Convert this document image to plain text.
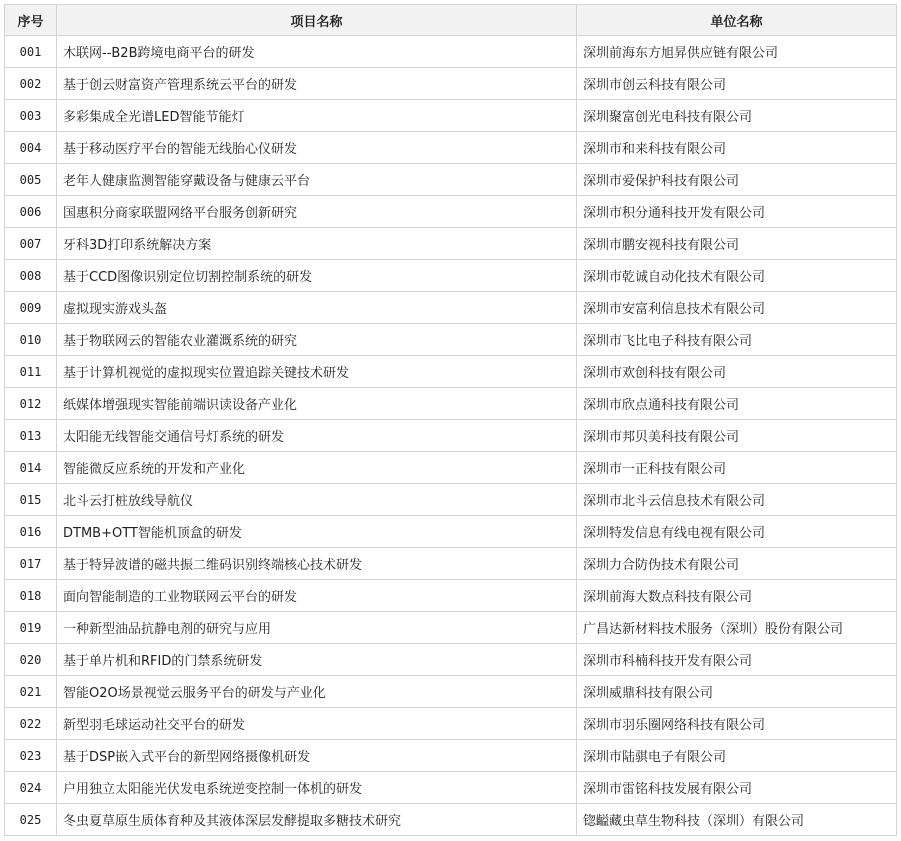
序号	项目名称	单位名称
001	木联网--B2B跨境电商平台的研发	深圳前海东方旭昇供应链有限公司
002	基于创云财富资产管理系统云平台的研发	深圳市创云科技有限公司
003	多彩集成全光谱LED智能节能灯	深圳聚富创光电科技有限公司
004	基于移动医疗平台的智能无线胎心仪研发	深圳市和来科技有限公司
005	老年人健康监测智能穿戴设备与健康云平台	深圳市爱保护科技有限公司
006	国惠积分商家联盟网络平台服务创新研究	深圳市积分通科技开发有限公司
007	牙科3D打印系统解决方案	深圳市鹏安视科技有限公司
008	基于CCD图像识别定位切割控制系统的研发	深圳市乾诚自动化技术有限公司
009	虚拟现实游戏头盔	深圳市安富利信息技术有限公司
010	基于物联网云的智能农业灌溉系统的研究	深圳市飞比电子科技有限公司
011	基于计算机视觉的虚拟现实位置追踪关键技术研发	深圳市欢创科技有限公司
012	纸媒体增强现实智能前端识读设备产业化	深圳市欣点通科技有限公司
013	太阳能无线智能交通信号灯系统的研发	深圳市邦贝美科技有限公司
014	智能微反应系统的开发和产业化	深圳市一正科技有限公司
015	北斗云打桩放线导航仪	深圳市北斗云信息技术有限公司
016	DTMB+OTT智能机顶盒的研发	深圳特发信息有线电视有限公司
017	基于特异波谱的磁共振二维码识别终端核心技术研发	深圳力合防伪技术有限公司
018	面向智能制造的工业物联网云平台的研发	深圳前海大数点科技有限公司
019	一种新型油品抗静电剂的研究与应用	广昌达新材料技术服务（深圳）股份有限公司
020	基于单片机和RFID的门禁系统研发	深圳市科楠科技开发有限公司
021	智能O2O场景视觉云服务平台的研发与产业化	深圳威鼎科技有限公司
022	新型羽毛球运动社交平台的研发	深圳市羽乐圈网络科技有限公司
023	基于DSP嵌入式平台的新型网络摄像机研发	深圳市陆骐电子有限公司
024	户用独立太阳能光伏发电系统逆变控制一体机的研发	深圳市雷铭科技发展有限公司
025	冬虫夏草原生质体育种及其液体深层发酵提取多糖技术研究	锪齸藏虫草生物科技（深圳）有限公司
